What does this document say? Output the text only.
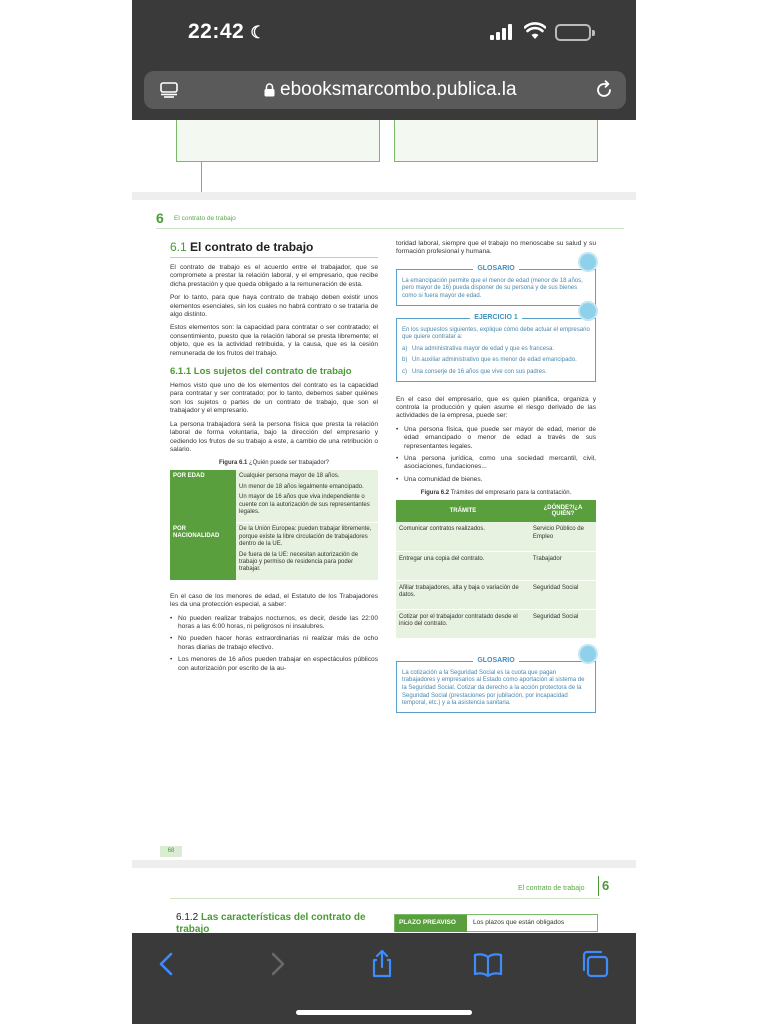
22:42 ☾
ebooksmarcombo.publica.la
6 El contrato de trabajo
6.1 El contrato de trabajo

El contrato de trabajo es el acuerdo entre el trabajador, que se compromete a prestar la relación laboral, y el empresario, que recibe dicha prestación y que queda obligado a la remuneración de esta.

Por lo tanto, para que haya contrato de trabajo deben existir unos elementos esenciales, sin los cuales no habrá contrato o se trataría de algo distinto.

Estos elementos son: la capacidad para contratar o ser contratado; el consentimiento, puesto que la relación laboral se presta libremente; el objeto, que es la actividad retribuida, y la causa, que es la cesión remunerada de los frutos del trabajo.

6.1.1 Los sujetos del contrato de trabajo

Hemos visto que uno de los elementos del contrato es la capacidad para contratar y ser contratado; por lo tanto, debemos saber quiénes son los sujetos o partes de un contrato de trabajo, que son el trabajador y el empresario.

La persona trabajadora será la persona física que presta la relación laboral de forma voluntaria, bajo la dirección del empresario y cediendo los frutos de su trabajo a este, a cambio de una retribución o salario.

Figura 6.1 ¿Quién puede ser trabajador?
POR EDAD	Cualquier persona mayor de 18 años.
Un menor de 18 años legalmente emancipado.
Un mayor de 16 años que viva independiente o cuente con la autorización de sus representantes legales.

POR NACIONALIDAD	De la Unión Europea: pueden trabajar libremente, porque existe la libre circulación de trabajadores dentro de la UE.
De fuera de la UE: necesitan autorización de trabajo y permiso de residencia para poder trabajar.

En el caso de los menores de edad, el Estatuto de los Trabajadores les da una protección especial, a saber:

• No pueden realizar trabajos nocturnos, es decir, desde las 22:00 horas a las 6:00 horas, ni peligrosos ni insalubres.
• No pueden hacer horas extraordinarias ni realizar más de ocho horas diarias de trabajo efectivo.
• Los menores de 16 años pueden trabajar en espectáculos públicos con autorización por escrito de la au-

toridad laboral, siempre que el trabajo no menoscabe su salud y su formación profesional y humana.

GLOSARIO
La emancipación permite que el menor de edad (menor de 18 años, pero mayor de 16) pueda disponer de su persona y de sus bienes como si fuera mayor de edad.
EJERCICIO 1
En los supuestos siguientes, explique cómo debe actuar el empresario que quiere contratar a:
a) Una administrativa mayor de edad y que es francesa.
b) Un auxiliar administrativo que es menor de edad emancipado.
c) Una conserje de 16 años que vive con sus padres.

En el caso del empresario, que es quien planifica, organiza y controla la producción y quien asume el riesgo derivado de las actividades de la empresa, puede ser:

• Una persona física, que puede ser mayor de edad, menor de edad emancipado o menor de edad a través de sus representantes legales.
• Una persona jurídica, como una sociedad mercantil, civil, asociaciones, fundaciones...
• Una comunidad de bienes.
Figura 6.2 Trámites del empresario para la contratación.
TRÁMITE	¿DÓNDE?/¿A QUIÉN?
Comunicar contratos realizados.	Servicio Público de Empleo
Entregar una copia del contrato.	Trabajador
Afiliar trabajadores, alta y baja o variación de datos.	Seguridad Social
Cotizar por el trabajador contratado desde el inicio del contrato.	Seguridad Social
GLOSARIO
La cotización a la Seguridad Social es la cuota que pagan trabajadores y empresarios al Estado como aportación al sistema de la Seguridad Social. Cotizar da derecho a la acción protectora de la Seguridad Social (prestaciones por jubilación, por incapacidad temporal, etc.) y a la asistencia sanitaria.
68
El contrato de trabajo 6
6.1.2 Las características del contrato de trabajo
PLAZO PREAVISO	Los plazos que están obligados
